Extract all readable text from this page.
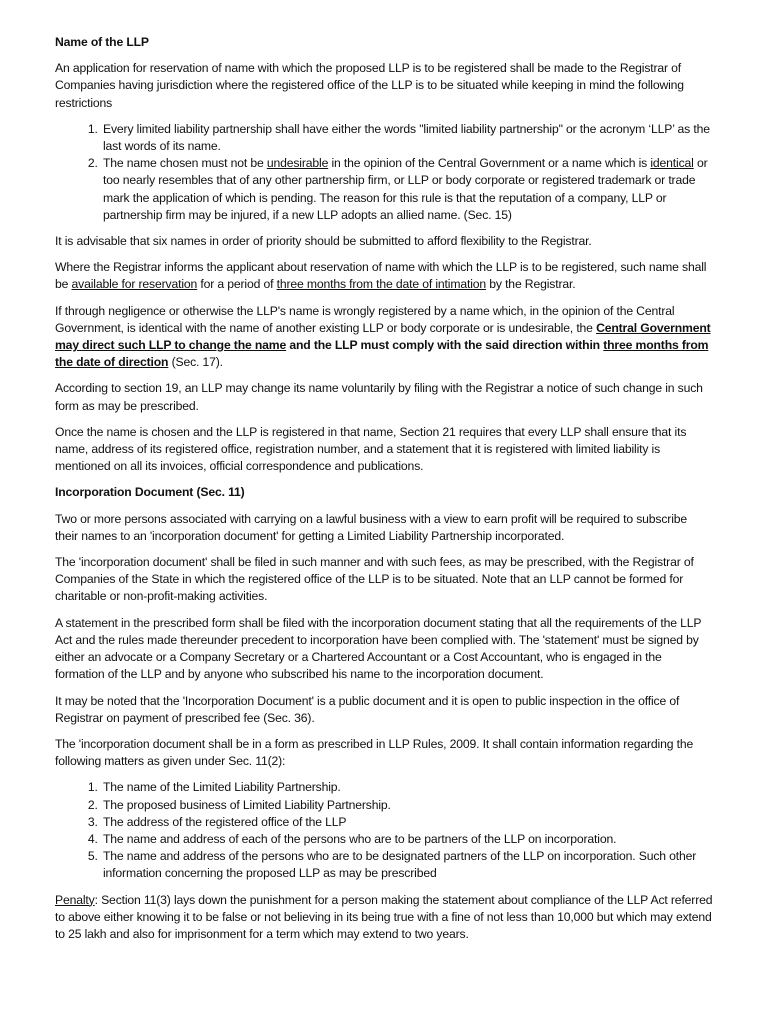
Name of the LLP

An application for reservation of name with which the proposed LLP is to be registered shall be made to the Registrar of Companies having jurisdiction where the registered office of the LLP is to be situated while keeping in mind the following restrictions

1. Every limited liability partnership shall have either the words "limited liability partnership" or the acronym ‘LLP’ as the last words of its name.
2. The name chosen must not be undesirable in the opinion of the Central Government or a name which is identical or too nearly resembles that of any other partnership firm, or LLP or body corporate or registered trademark or trade mark the application of which is pending. The reason for this rule is that the reputation of a company, LLP or partnership firm may be injured, if a new LLP adopts an allied name. (Sec. 15)

It is advisable that six names in order of priority should be submitted to afford flexibility to the Registrar.

Where the Registrar informs the applicant about reservation of name with which the LLP is to be registered, such name shall be available for reservation for a period of three months from the date of intimation by the Registrar.

If through negligence or otherwise the LLP's name is wrongly registered by a name which, in the opinion of the Central Government, is identical with the name of another existing LLP or body corporate or is undesirable, the Central Government may direct such LLP to change the name and the LLP must comply with the said direction within three months from the date of direction (Sec. 17).

According to section 19, an LLP may change its name voluntarily by filing with the Registrar a notice of such change in such form as may be prescribed.

Once the name is chosen and the LLP is registered in that name, Section 21 requires that every LLP shall ensure that its name, address of its registered office, registration number, and a statement that it is registered with limited liability is mentioned on all its invoices, official correspondence and publications.

Incorporation Document (Sec. 11)

Two or more persons associated with carrying on a lawful business with a view to earn profit will be required to subscribe their names to an 'incorporation document' for getting a Limited Liability Partnership incorporated.

The 'incorporation document' shall be filed in such manner and with such fees, as may be prescribed, with the Registrar of Companies of the State in which the registered office of the LLP is to be situated. Note that an LLP cannot be formed for charitable or non-profit-making activities.

A statement in the prescribed form shall be filed with the incorporation document stating that all the requirements of the LLP Act and the rules made thereunder precedent to incorporation have been complied with. The 'statement' must be signed by either an advocate or a Company Secretary or a Chartered Accountant or a Cost Accountant, who is engaged in the formation of the LLP and by anyone who subscribed his name to the incorporation document.

It may be noted that the 'Incorporation Document' is a public document and it is open to public inspection in the office of Registrar on payment of prescribed fee (Sec. 36).

The 'incorporation document shall be in a form as prescribed in LLP Rules, 2009. It shall contain information regarding the following matters as given under Sec. 11(2):

1. The name of the Limited Liability Partnership.
2. The proposed business of Limited Liability Partnership.
3. The address of the registered office of the LLP
4. The name and address of each of the persons who are to be partners of the LLP on incorporation.
5. The name and address of the persons who are to be designated partners of the LLP on incorporation. Such other information concerning the proposed LLP as may be prescribed

Penalty: Section 11(3) lays down the punishment for a person making the statement about compliance of the LLP Act referred to above either knowing it to be false or not believing in its being true with a fine of not less than 10,000 but which may extend to 25 lakh and also for imprisonment for a term which may extend to two years.
